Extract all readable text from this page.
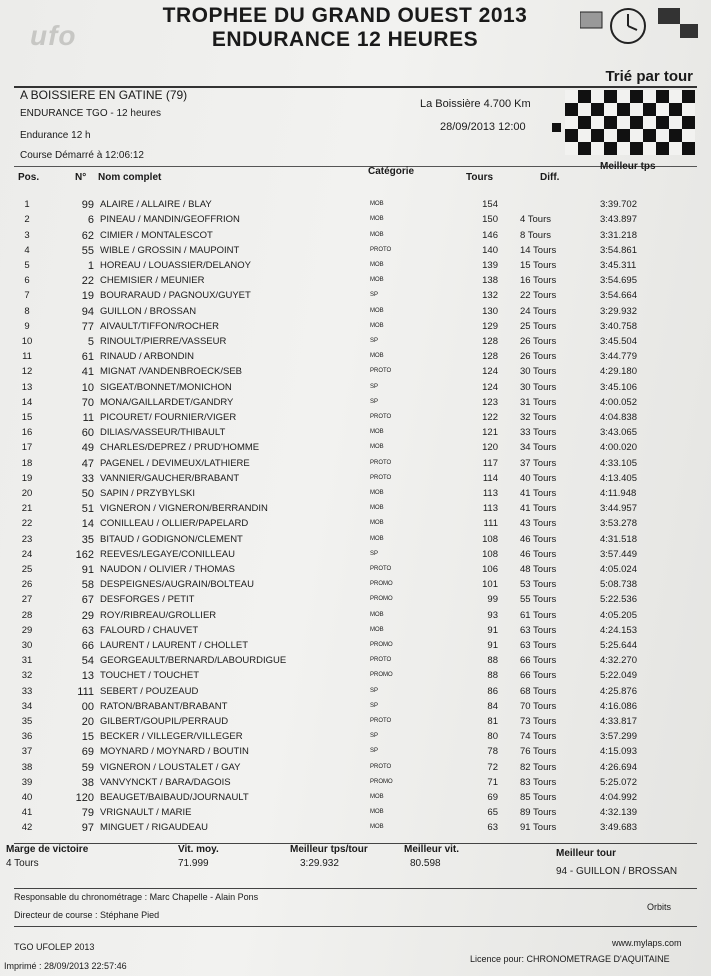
ufo
TROPHEE DU GRAND OUEST 2013
ENDURANCE 12 HEURES
Trié par tour
A BOISSIERE EN GATINE (79)
ENDURANCE TGO - 12 heures
Endurance 12 h
Course Démarré à 12:06:12
La Boissière 4.700 Km
28/09/2013 12:00
Pos.	N° Nom complet
Catégorie
Tours	Diff.
Meilleur tps
1	99 ALAIRE / ALLAIRE / BLAY	MOB	154	3:39.702
2	6 PINEAU / MANDIN/GEOFFRION	MOB	150 4 Tours	3:43.897
3	62 CIMIER / MONTALESCOT	MOB	146 8 Tours	3:31.218
4	55 WIBLE / GROSSIN / MAUPOINT	PROTO	140 14 Tours	3:54.861
5	1 HOREAU / LOUASSIER/DELANOY	MOB	139 15 Tours	3:45.311
6	22 CHEMISIER / MEUNIER	MOB	138 16 Tours	3:54.695
7	19 BOURARAUD / PAGNOUX/GUYET	SP	132 22 Tours	3:54.664
8	94 GUILLON / BROSSAN	MOB	130 24 Tours	3:29.932
9	77 AIVAULT/TIFFON/ROCHER	MOB	129 25 Tours	3:40.758
10	5 RINOULT/PIERRE/VASSEUR	SP	128 26 Tours	3:45.504
11	61 RINAUD / ARBONDIN	MOB	128 26 Tours	3:44.779
12	41 MIGNAT /VANDENBROECK/SEB	PROTO	124 30 Tours	4:29.180
13	10 SIGEAT/BONNET/MONICHON	SP	124 30 Tours	3:45.106
14	70 MONA/GAILLARDET/GANDRY	SP	123 31 Tours	4:00.052
15	11 PICOURET/ FOURNIER/VIGER	PROTO	122 32 Tours	4:04.838
16	60 DILIAS/VASSEUR/THIBAULT	MOB	121 33 Tours	3:43.065
17	49 CHARLES/DEPREZ / PRUD'HOMME	MOB	120 34 Tours	4:00.020
18	47 PAGENEL / DEVIMEUX/LATHIERE	PROTO	117 37 Tours	4:33.105
19	33 VANNIER/GAUCHER/BRABANT	PROTO	114 40 Tours	4:13.405
20	50 SAPIN / PRZYBYLSKI	MOB	113 41 Tours	4:11.948
21	51 VIGNERON / VIGNERON/BERRANDIN	MOB	113 41 Tours	3:44.957
22	14 CONILLEAU / OLLIER/PAPELARD	MOB	111 43 Tours	3:53.278
23	35 BITAUD / GODIGNON/CLEMENT	MOB	108 46 Tours	4:31.518
24	162 REEVES/LEGAYE/CONILLEAU	SP	108 46 Tours	3:57.449
25	91 NAUDON / OLIVIER / THOMAS	PROTO	106 48 Tours	4:05.024
26	58 DESPEIGNES/AUGRAIN/BOLTEAU	PROMO	101 53 Tours	5:08.738
27	67 DESFORGES / PETIT	PROMO	99 55 Tours	5:22.536
28	29 ROY/RIBREAU/GROLLIER	MOB	93 61 Tours	4:05.205
29	63 FALOURD / CHAUVET	MOB	91 63 Tours	4:24.153
30	66 LAURENT / LAURENT / CHOLLET	PROMO	91 63 Tours	5:25.644
31	54 GEORGEAULT/BERNARD/LABOURDIGUE	PROTO	88 66 Tours	4:32.270
32	13 TOUCHET / TOUCHET	PROMO	88 66 Tours	5:22.049
33	111 SEBERT / POUZEAUD	SP	86 68 Tours	4:25.876
34	00 RATON/BRABANT/BRABANT	SP	84 70 Tours	4:16.086
35	20 GILBERT/GOUPIL/PERRAUD	PROTO	81 73 Tours	4:33.817
36	15 BECKER / VILLEGER/VILLEGER	SP	80 74 Tours	3:57.299
37	69 MOYNARD / MOYNARD / BOUTIN	SP	78 76 Tours	4:15.093
38	59 VIGNERON / LOUSTALET / GAY	PROTO	72 82 Tours	4:26.694
39	38 VANVYNCKT / BARA/DAGOIS	PROMO	71 83 Tours	5:25.072
40	120 BEAUGET/BAIBAUD/JOURNAULT	MOB	69 85 Tours	4:04.992
41	79 VRIGNAULT / MARIE	MOB	65 89 Tours	4:32.139
42	97 MINGUET / RIGAUDEAU	MOB	63 91 Tours	3:49.683
Marge de victoire
4 Tours
Vit. moy.
71.999
Meilleur tps/tour
3:29.932
Meilleur vit.
80.598
Meilleur tour
94 - GUILLON / BROSSAN
Responsable du chronométrage : Marc Chapelle - Alain Pons
Orbits
Directeur de course : Stéphane Pied
TGO UFOLEP 2013
Imprimé : 28/09/2013 22:57:46
www.mylaps.com
Licence pour: CHRONOMETRAGE D'AQUITAINE
